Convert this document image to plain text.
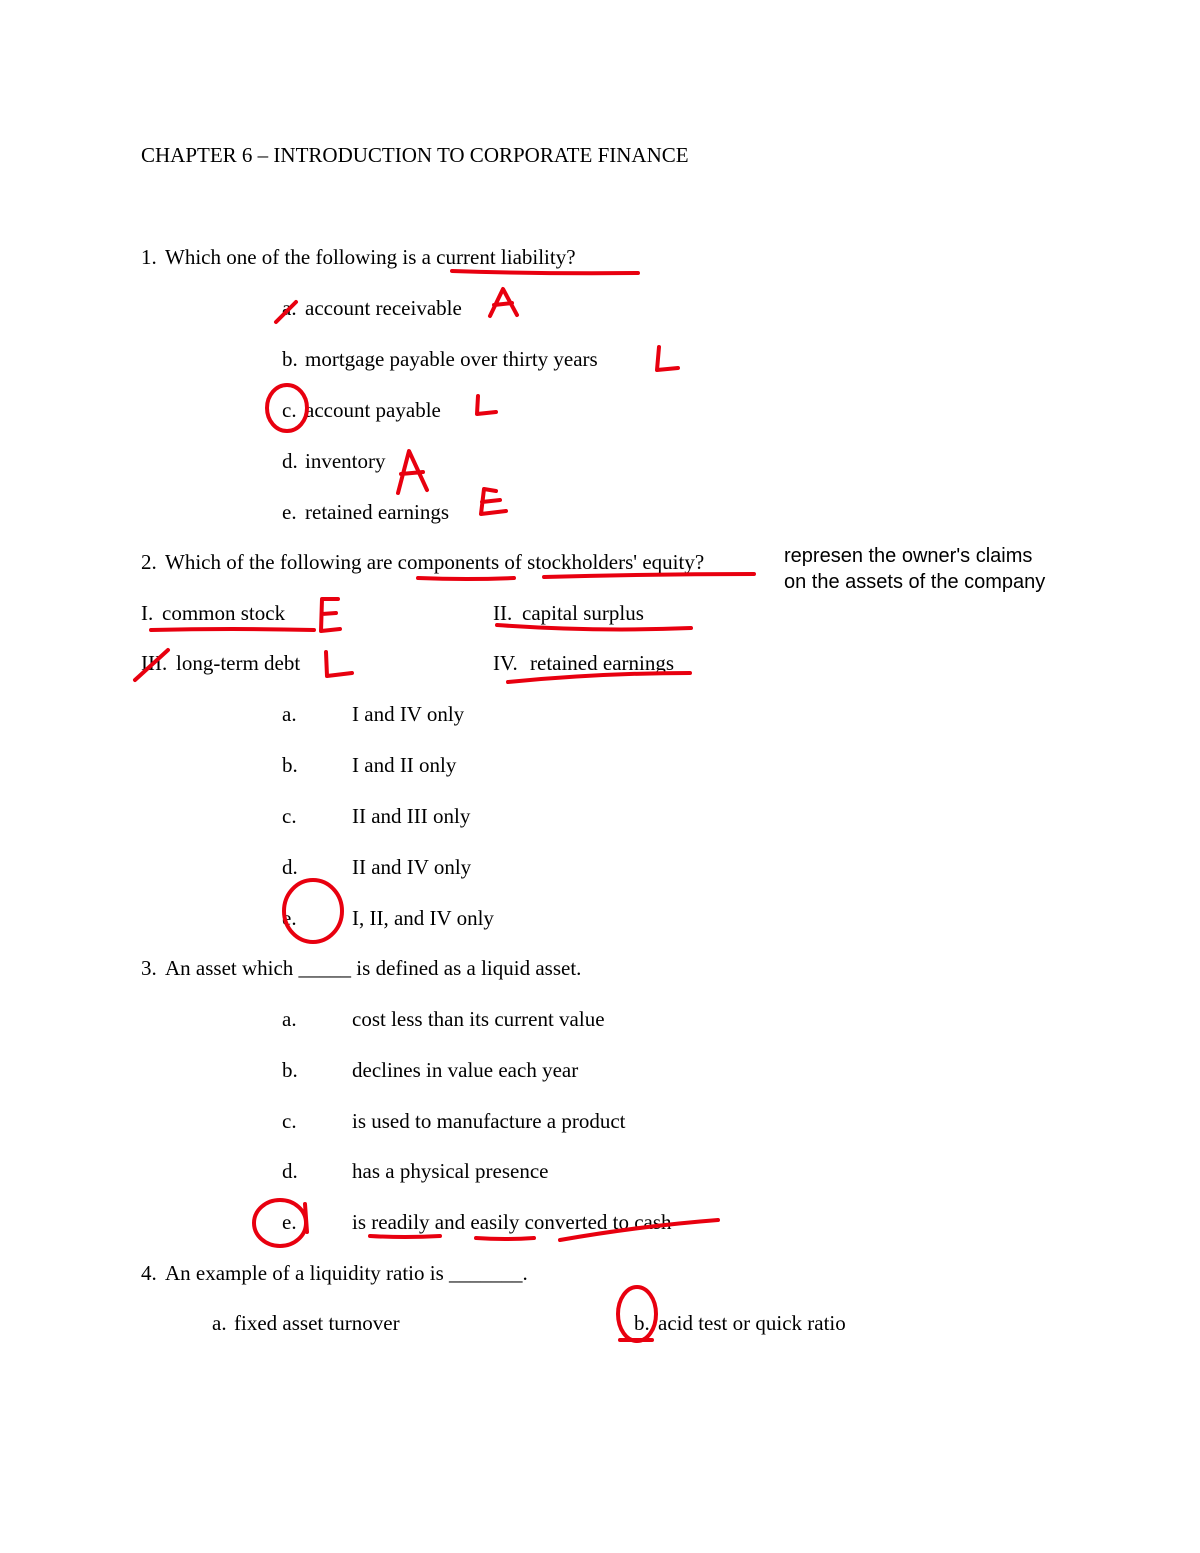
CHAPTER 6 – INTRODUCTION TO CORPORATE FINANCE
1. Which one of the following is a current liability?
a. account receivable
b. mortgage payable over thirty years
c. account payable
d. inventory
e. retained earnings
2. Which of the following are components of stockholders' equity?	represen the owner's claims
on the assets of the company
I. common stock	II. capital surplus
III. long-term debt	IV. retained earnings
a.	I and IV only
b.	I and II only
c.	II and III only
d.	II and IV only
e.	I, II, and IV only
3. An asset which _____ is defined as a liquid asset.
a.	cost less than its current value
b.	declines in value each year
c.	is used to manufacture a product
d.	has a physical presence
e.	is readily and easily converted to cash
4. An example of a liquidity ratio is _______.
a. fixed asset turnover	b. acid test or quick ratio
